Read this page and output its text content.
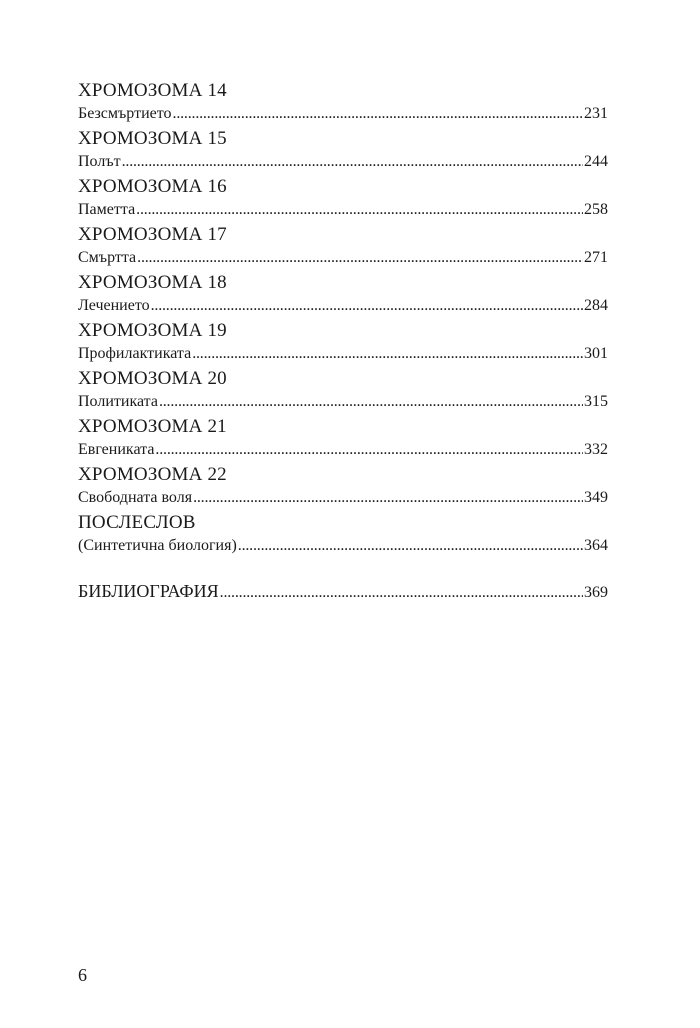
ХРОМОЗОМА 14
Безсмъртието . . .	231
ХРОМОЗОМА 15
Полът . . .	244
ХРОМОЗОМА 16
Паметта . . .	258
ХРОМОЗОМА 17
Смъртта . . .	271
ХРОМОЗОМА 18
Лечението . . .	284
ХРОМОЗОМА 19
Профилактиката . . .	301
ХРОМОЗОМА 20
Политиката . . .	315
ХРОМОЗОМА 21
Евгениката . . .	332
ХРОМОЗОМА 22
Свободната воля . . .	349
ПОСЛЕСЛОВ
(Синтетична биология) . . .	364
БИБЛИОГРАФИЯ . . .	369
6
